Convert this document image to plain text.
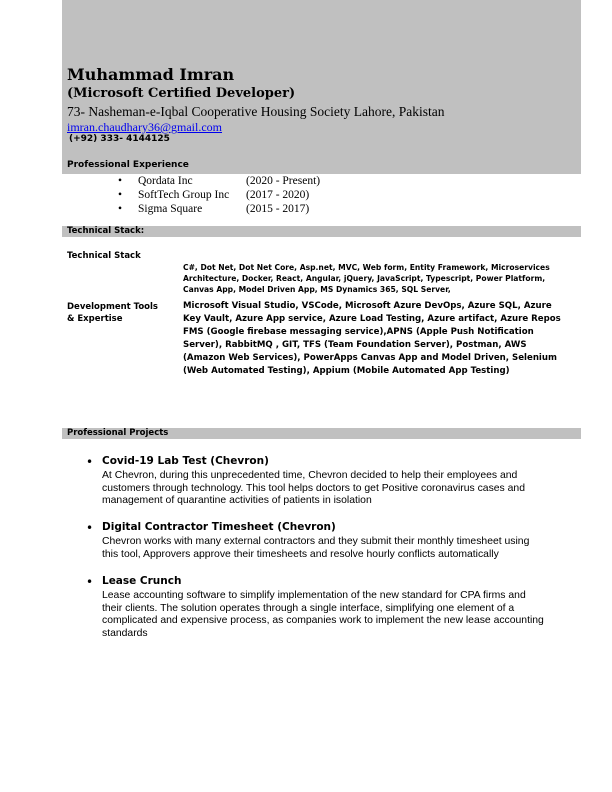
Muhammad Imran
(Microsoft Certified Developer)
73- Nasheman-e-Iqbal Cooperative Housing Society Lahore, Pakistan
imran.chaudhary36@gmail.com
(+92) 333- 4144125
Professional Experience
• Qordata Inc	(2020 - Present)
• SoftTech Group Inc (2017 - 2020)
• Sigma Square	(2015 - 2017)
Technical Stack:
Technical Stack
C#, Dot Net, Dot Net Core, Asp.net, MVC, Web form, Entity Framework, Microservices
Architecture, Docker, React, Angular, jQuery, JavaScript, Typescript, Power Platform,
Canvas App, Model Driven App, MS Dynamics 365, SQL Server,
Development Tools
& Expertise
Microsoft Visual Studio, VSCode, Microsoft Azure DevOps, Azure SQL, Azure
Key Vault, Azure App service, Azure Load Testing, Azure artifact, Azure Repos
FMS (Google firebase messaging service),APNS (Apple Push Notification
Server), RabbitMQ , GIT, TFS (Team Foundation Server), Postman, AWS
(Amazon Web Services), PowerApps Canvas App and Model Driven, Selenium
(Web Automated Testing), Appium (Mobile Automated App Testing)
Professional Projects
• Covid-19 Lab Test (Chevron)
At Chevron, during this unprecedented time, Chevron decided to help their employees and
customers through technology. This tool helps doctors to get Positive coronavirus cases and
management of quarantine activities of patients in isolation
• Digital Contractor Timesheet (Chevron)
Chevron works with many external contractors and they submit their monthly timesheet using
this tool, Approvers approve their timesheets and resolve hourly conflicts automatically
• Lease Crunch
Lease accounting software to simplify implementation of the new standard for CPA firms and
their clients. The solution operates through a single interface, simplifying one element of a
complicated and expensive process, as companies work to implement the new lease accounting
standards
